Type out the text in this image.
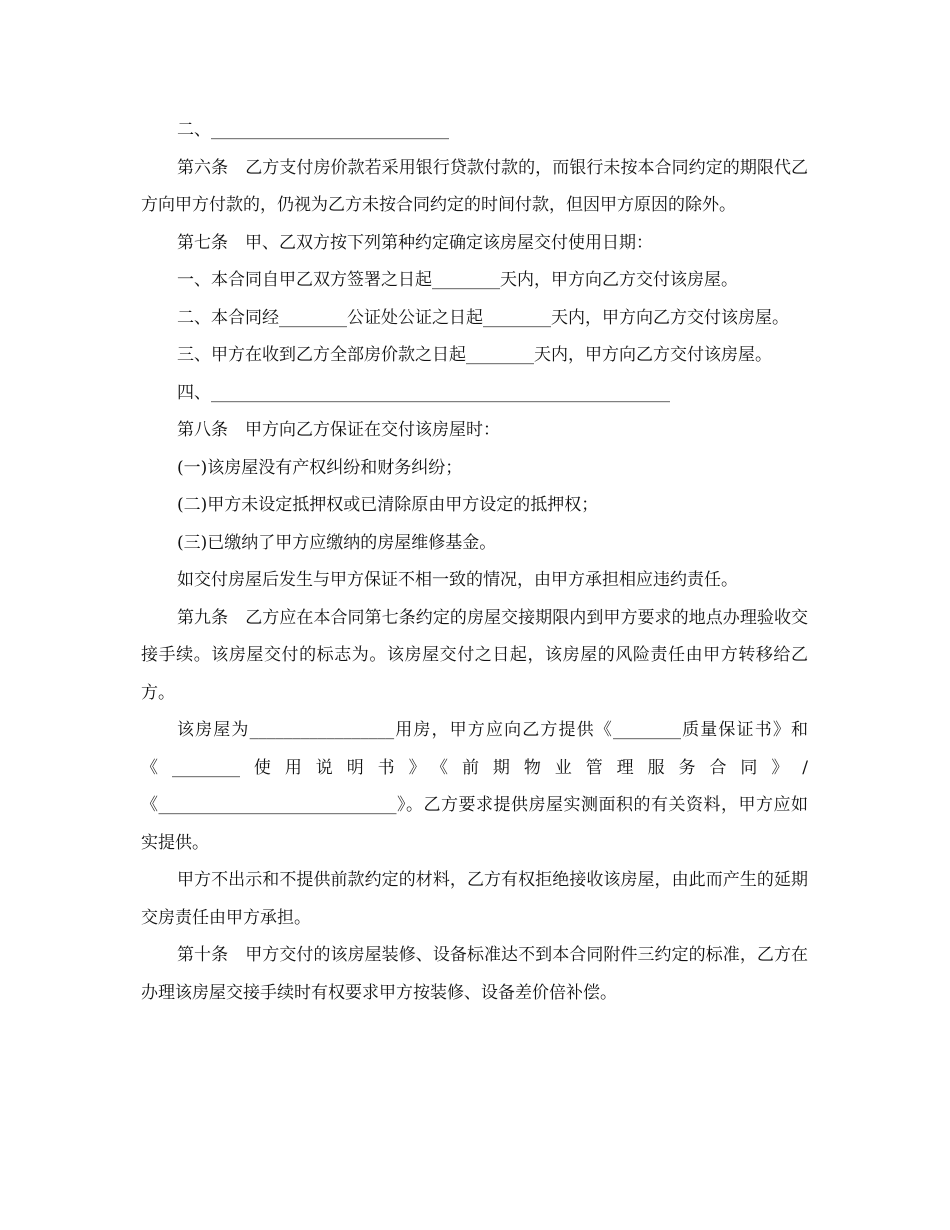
二、____________________________

第六条　乙方支付房价款若采用银行贷款付款的，而银行未按本合同约定的期限代乙方向甲方付款的，仍视为乙方未按合同约定的时间付款，但因甲方原因的除外。

第七条　甲、乙双方按下列第种约定确定该房屋交付使用日期：

一、本合同自甲乙双方签署之日起________天内，甲方向乙方交付该房屋。

二、本合同经________公证处公证之日起________天内，甲方向乙方交付该房屋。

三、甲方在收到乙方全部房价款之日起________天内，甲方向乙方交付该房屋。

四、______________________________________________________

第八条　甲方向乙方保证在交付该房屋时：

(一)该房屋没有产权纠纷和财务纠纷；

(二)甲方未设定抵押权或已清除原由甲方设定的抵押权；

(三)已缴纳了甲方应缴纳的房屋维修基金。

如交付房屋后发生与甲方保证不相一致的情况，由甲方承担相应违约责任。

第九条　乙方应在本合同第七条约定的房屋交接期限内到甲方要求的地点办理验收交接手续。该房屋交付的标志为。该房屋交付之日起，该房屋的风险责任由甲方转移给乙方。

该房屋为_________________用房，甲方应向乙方提供《________质量保证书》和《________使用说明书》《前期物业管理服务合同》/《____________________________》。乙方要求提供房屋实测面积的有关资料，甲方应如实提供。

甲方不出示和不提供前款约定的材料，乙方有权拒绝接收该房屋，由此而产生的延期交房责任由甲方承担。

第十条　甲方交付的该房屋装修、设备标准达不到本合同附件三约定的标准，乙方在办理该房屋交接手续时有权要求甲方按装修、设备差价倍补偿。
